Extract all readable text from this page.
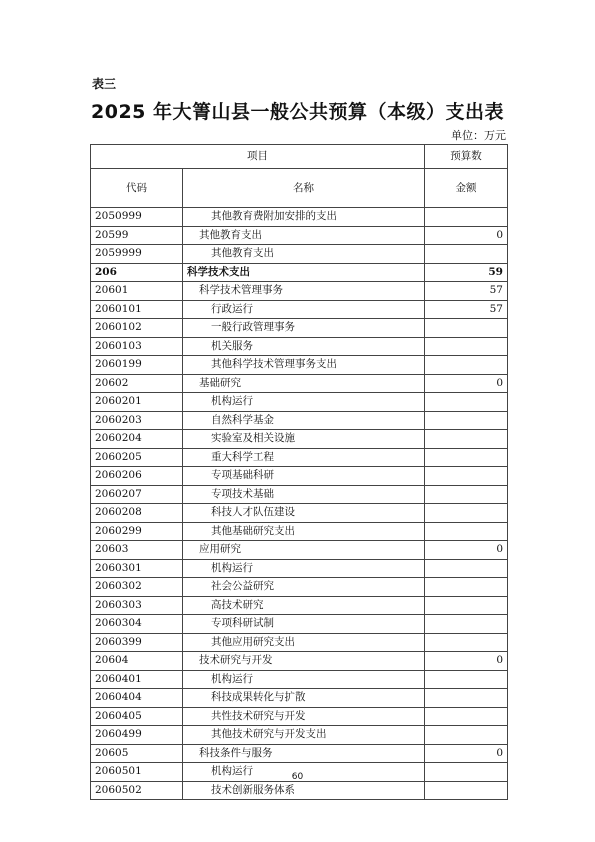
表三
2025 年大箐山县一般公共预算（本级）支出表
单位：万元
项目		预算数
代码	名称	金额
2050999	其他教育费附加安排的支出	
20599	其他教育支出	0
2059999	其他教育支出	
206	科学技术支出	59
20601	科学技术管理事务	57
2060101	行政运行	57
2060102	一般行政管理事务	
2060103	机关服务	
2060199	其他科学技术管理事务支出	
20602	基础研究	0
2060201	机构运行	
2060203	自然科学基金	
2060204	实验室及相关设施	
2060205	重大科学工程	
2060206	专项基础科研	
2060207	专项技术基础	
2060208	科技人才队伍建设	
2060299	其他基础研究支出	
20603	应用研究	0
2060301	机构运行	
2060302	社会公益研究	
2060303	高技术研究	
2060304	专项科研试制	
2060399	其他应用研究支出	
20604	技术研究与开发	0
2060401	机构运行	
2060404	科技成果转化与扩散	
2060405	共性技术研究与开发	
2060499	其他技术研究与开发支出	
20605	科技条件与服务	0
2060501	机构运行	
2060502	技术创新服务体系	
60
